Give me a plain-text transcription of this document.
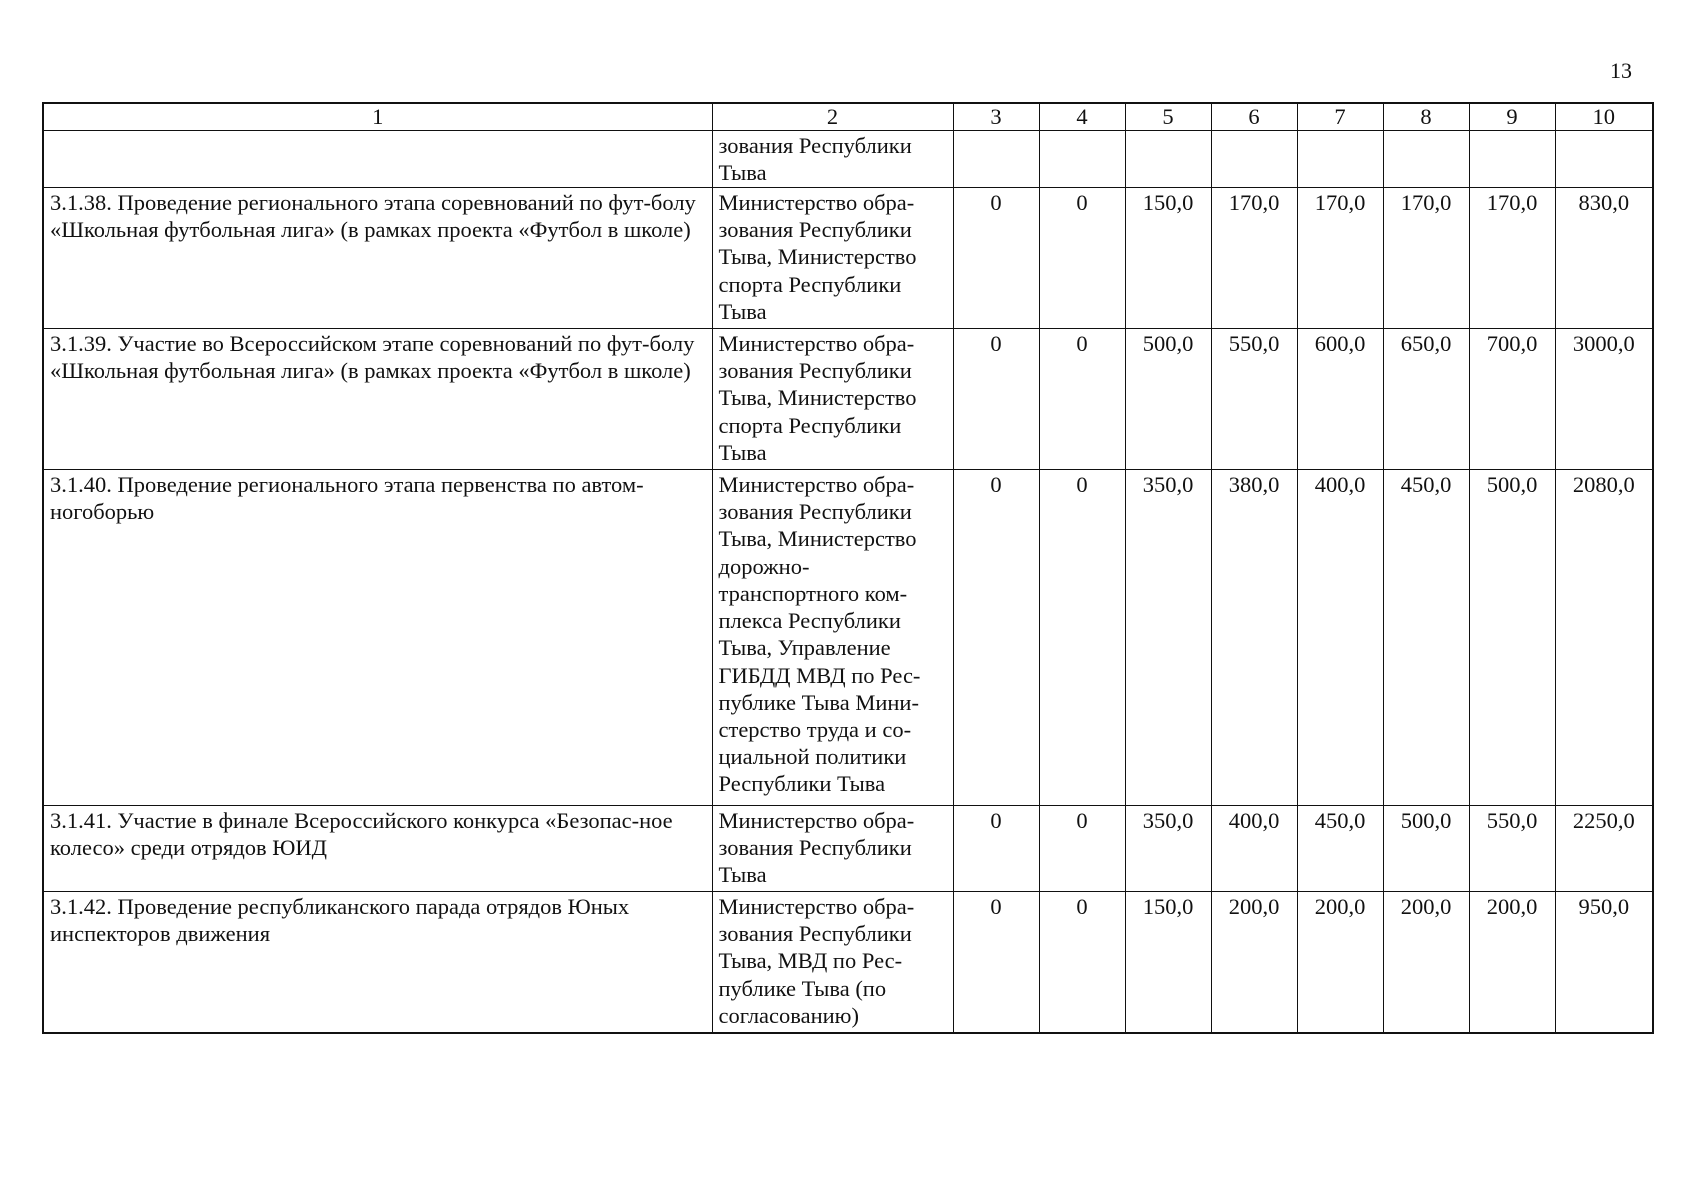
13
1	2	3	4	5	6	7	8	9	10
	зования Республики Тыва								
3.1.38. Проведение регионального этапа соревнований по фут-болу «Школьная футбольная лига» (в рамках проекта «Футбол в школе)	Министерство обра-зования Республики Тыва, Министерство спорта Республики Тыва	0	0	150,0	170,0	170,0	170,0	170,0	830,0
3.1.39. Участие во Всероссийском этапе соревнований по фут-болу «Школьная футбольная лига» (в рамках проекта «Футбол в школе)	Министерство обра-зования Республики Тыва, Министерство спорта Республики Тыва	0	0	500,0	550,0	600,0	650,0	700,0	3000,0
3.1.40. Проведение регионального этапа первенства по автом-ногоборью	Министерство обра-зования Республики Тыва, Министерство дорожно-транспортного ком-плекса Республики Тыва, Управление ГИБДД МВД по Рес-публике Тыва Мини-стерство труда и со-циальной политики Республики Тыва	0	0	350,0	380,0	400,0	450,0	500,0	2080,0
3.1.41. Участие в финале Всероссийского конкурса «Безопас-ное колесо» среди отрядов ЮИД	Министерство обра-зования Республики Тыва	0	0	350,0	400,0	450,0	500,0	550,0	2250,0
3.1.42. Проведение республиканского парада отрядов Юных инспекторов движения	Министерство обра-зования Республики Тыва, МВД по Рес-публике Тыва (по согласованию)	0	0	150,0	200,0	200,0	200,0	200,0	950,0
